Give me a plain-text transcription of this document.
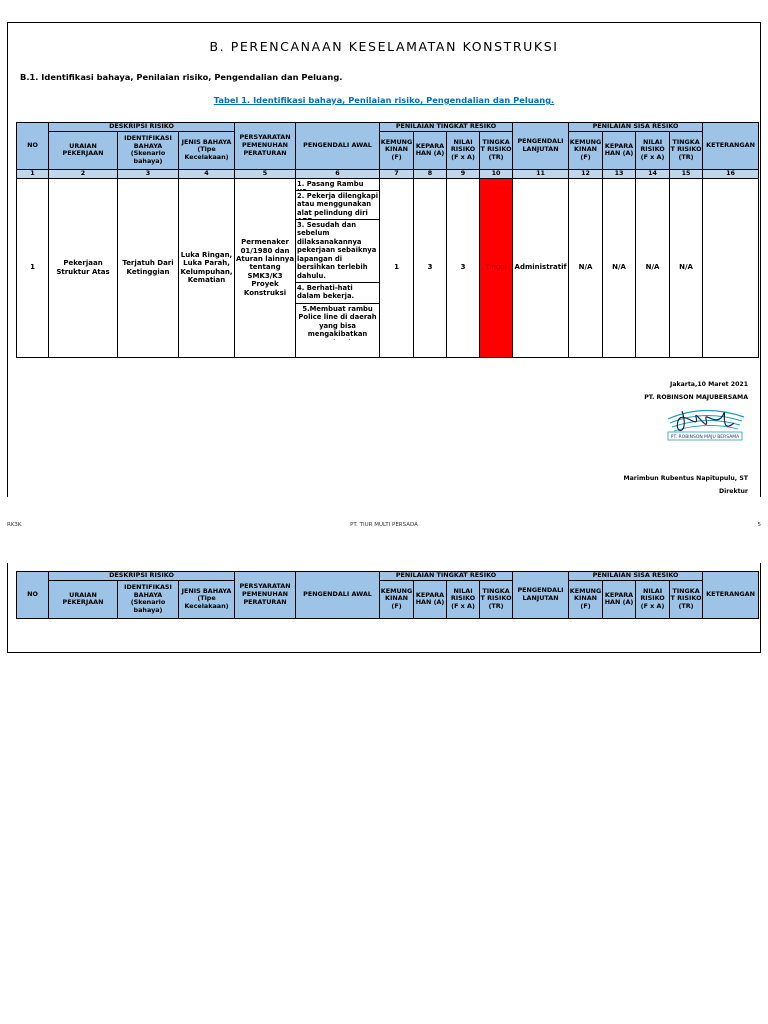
B. PERENCANAAN KESELAMATAN KONSTRUKSI
B.1. Identifikasi bahaya, Penilaian risiko, Pengendalian dan Peluang.
Tabel 1. Identifikasi bahaya, Penilaian risiko, Pengendalian dan Peluang.
NO	DESKRIPSI RISIKO			PERSYARATAN PEMENUHAN PERATURAN	PENGENDALI AWAL	PENILAIAN TINGKAT RESIKO				PENGENDALI LANJUTAN	PENILAIAN SISA RESIKO				KETERANGAN
	URAIAN PEKERJAAN	IDENTIFIKASI BAHAYA (Skenario bahaya)	JENIS BAHAYA (Tipe Kecelakaan)			KEMUNG KINAN (F)	KEPARA HAN (A)	NILAI RISIKO (F x A)	TINGKA T RISIKO (TR)		KEMUNG KINAN (F)	KEPARA HAN (A)	NILAI RISIKO (F x A)	TINGKA T RISIKO (TR)	
1	2	3	4	5	6	7	8	9	10	11	12	13	14	15	16
1	Pekerjaan Struktur Atas	Terjatuh Dari Ketinggian	Luka Ringan, Luka Parah, Kelumpuhan, Kematian	Permenaker 01/1980 dan Aturan lainnya tentang SMK3/K3 Proyek Konstruksi	1. Pasang Rambu
2. Pekerja dilengkapi atau menggunakan alat pelindung diri
3. Sesudah dan sebelum dilaksanakannya pekerjaan sebaiknya lapangan di bersihkan terlebih dahulu.
4. Berhati-hati dalam bekerja.
5.Membuat rambu Police line di daerah yang bisa mengakibatkan	1	3	3	Tinggi	Administratif	N/A	N/A	N/A	N/A	
Jakarta,10 Maret 2021
PT. ROBINSON MAJUBERSAMA
PT. ROBINSON MAJU BERSAMA
Marimbun Rubentus Napitupulu, ST
Direktur
RK3K	PT. TIUR MULTI PERSADA	5
NO	DESKRIPSI RISIKO			PERSYARATAN PEMENUHAN PERATURAN	PENGENDALI AWAL	PENILAIAN TINGKAT RESIKO				PENGENDALI LANJUTAN	PENILAIAN SISA RESIKO				KETERANGAN
	URAIAN PEKERJAAN	IDENTIFIKASI BAHAYA (Skenario bahaya)	JENIS BAHAYA (Tipe Kecelakaan)			KEMUNG KINAN (F)	KEPARA HAN (A)	NILAI RISIKO (F x A)	TINGKA T RISIKO (TR)		KEMUNG KINAN (F)	KEPARA HAN (A)	NILAI RISIKO (F x A)	TINGKA T RISIKO (TR)	
